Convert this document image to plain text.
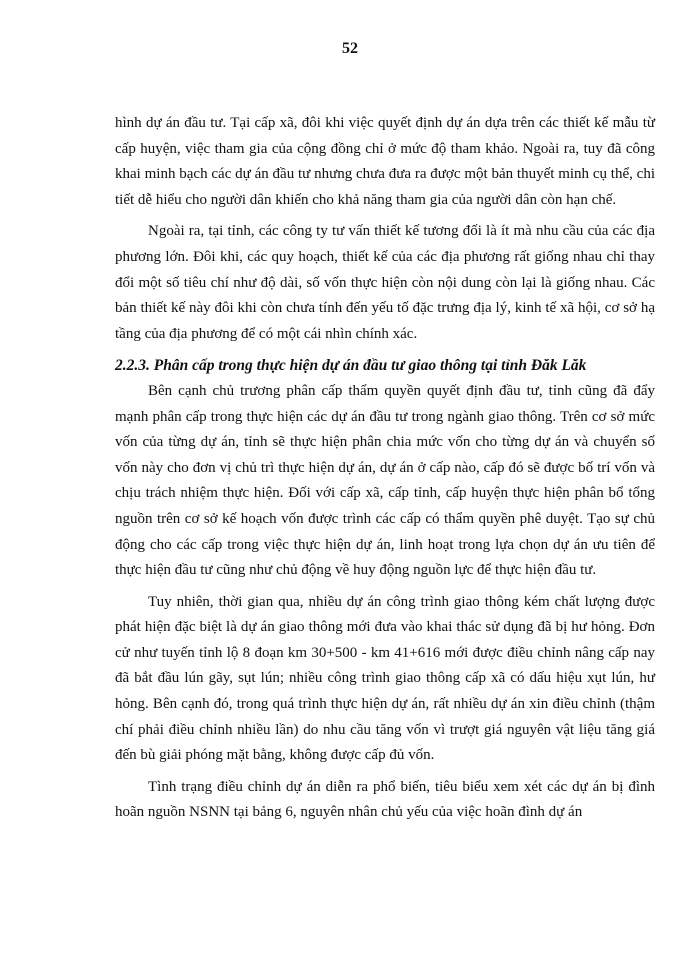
52

hình dự án đầu tư. Tại cấp xã, đôi khi việc quyết định dự án dựa trên các thiết kế mẫu từ cấp huyện, việc tham gia của cộng đồng chỉ ở mức độ tham khảo. Ngoài ra, tuy đã công khai minh bạch các dự án đầu tư nhưng chưa đưa ra được một bản thuyết minh cụ thể, chi tiết dễ hiểu cho người dân khiến cho khả năng tham gia của người dân còn hạn chế.

Ngoài ra, tại tỉnh, các công ty tư vấn thiết kế tương đối là ít mà nhu cầu của các địa phương lớn. Đôi khi, các quy hoạch, thiết kế của các địa phương rất giống nhau chỉ thay đổi một số tiêu chí như độ dài, số vốn thực hiện còn nội dung còn lại là giống nhau. Các bản thiết kế này đôi khi còn chưa tính đến yếu tố đặc trưng địa lý, kinh tế xã hội, cơ sở hạ tầng của địa phương để có một cái nhìn chính xác.

2.2.3. Phân cấp trong thực hiện dự án đầu tư giao thông tại tỉnh Đăk Lăk

Bên cạnh chủ trương phân cấp thẩm quyền quyết định đầu tư, tỉnh cũng đã đẩy mạnh phân cấp trong thực hiện các dự án đầu tư trong ngành giao thông. Trên cơ sở mức vốn của từng dự án, tỉnh sẽ thực hiện phân chia mức vốn cho từng dự án và chuyển số vốn này cho đơn vị chủ trì thực hiện dự án, dự án ở cấp nào, cấp đó sẽ được bố trí vốn và chịu trách nhiệm thực hiện. Đối với cấp xã, cấp tỉnh, cấp huyện thực hiện phân bổ tổng nguồn trên cơ sở kế hoạch vốn được trình các cấp có thẩm quyền phê duyệt. Tạo sự chủ động cho các cấp trong việc thực hiện dự án, linh hoạt trong lựa chọn dự án ưu tiên để thực hiện đầu tư cũng như chủ động về huy động nguồn lực để thực hiện đầu tư.

Tuy nhiên, thời gian qua, nhiều dự án công trình giao thông kém chất lượng được phát hiện đặc biệt là dự án giao thông mới đưa vào khai thác sử dụng đã bị hư hỏng. Đơn cử như tuyến tỉnh lộ 8 đoạn km 30+500 - km 41+616 mới được điều chỉnh nâng cấp nay đã bắt đầu lún gãy, sụt lún; nhiều công trình giao thông cấp xã có dấu hiệu xụt lún, hư hỏng. Bên cạnh đó, trong quá trình thực hiện dự án, rất nhiều dự án xin điều chỉnh (thậm chí phải điều chỉnh nhiều lần) do nhu cầu tăng vốn vì trượt giá nguyên vật liệu tăng giá đến bù giải phóng mặt bằng, không được cấp đủ vốn.

Tình trạng điều chỉnh dự án diễn ra phổ biến, tiêu biểu xem xét các dự án bị đình hoãn nguồn NSNN tại bảng 6, nguyên nhân chủ yếu của việc hoãn đình dự án
